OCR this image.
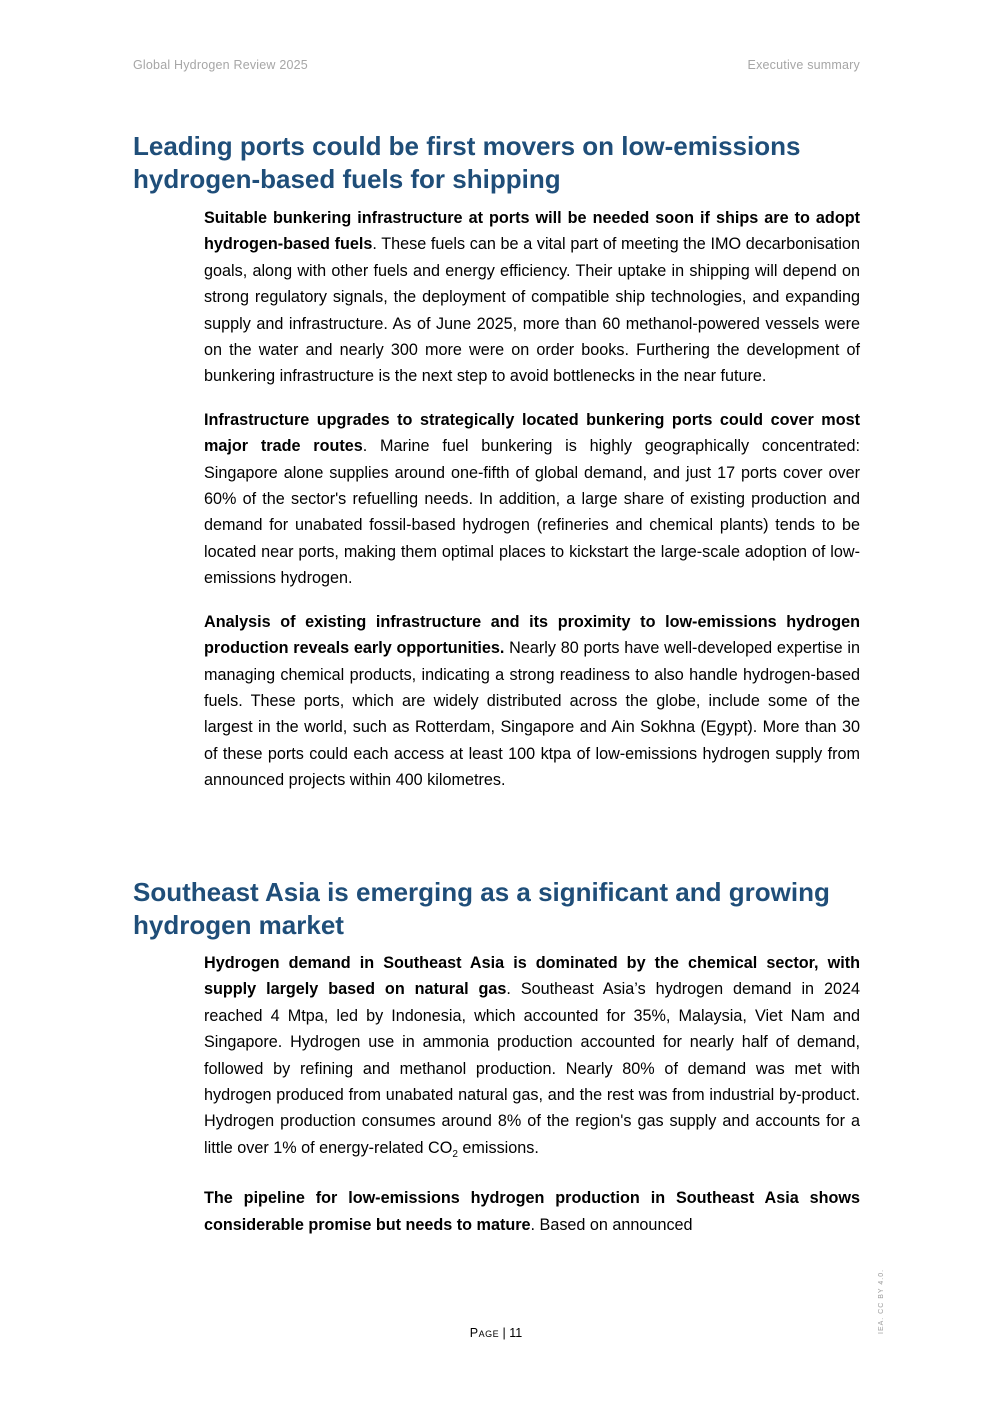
Global Hydrogen Review 2025	Executive summary
Leading ports could be first movers on low-emissions hydrogen-based fuels for shipping

Suitable bunkering infrastructure at ports will be needed soon if ships are to adopt hydrogen-based fuels. These fuels can be a vital part of meeting the IMO decarbonisation goals, along with other fuels and energy efficiency. Their uptake in shipping will depend on strong regulatory signals, the deployment of compatible ship technologies, and expanding supply and infrastructure. As of June 2025, more than 60 methanol-powered vessels were on the water and nearly 300 more were on order books. Furthering the development of bunkering infrastructure is the next step to avoid bottlenecks in the near future.

Infrastructure upgrades to strategically located bunkering ports could cover most major trade routes. Marine fuel bunkering is highly geographically concentrated: Singapore alone supplies around one-fifth of global demand, and just 17 ports cover over 60% of the sector's refuelling needs. In addition, a large share of existing production and demand for unabated fossil-based hydrogen (refineries and chemical plants) tends to be located near ports, making them optimal places to kickstart the large-scale adoption of low-emissions hydrogen.

Analysis of existing infrastructure and its proximity to low-emissions hydrogen production reveals early opportunities. Nearly 80 ports have well-developed expertise in managing chemical products, indicating a strong readiness to also handle hydrogen-based fuels. These ports, which are widely distributed across the globe, include some of the largest in the world, such as Rotterdam, Singapore and Ain Sokhna (Egypt). More than 30 of these ports could each access at least 100 ktpa of low-emissions hydrogen supply from announced projects within 400 kilometres.

Southeast Asia is emerging as a significant and growing hydrogen market

Hydrogen demand in Southeast Asia is dominated by the chemical sector, with supply largely based on natural gas. Southeast Asia’s hydrogen demand in 2024 reached 4 Mtpa, led by Indonesia, which accounted for 35%, Malaysia, Viet Nam and Singapore. Hydrogen use in ammonia production accounted for nearly half of demand, followed by refining and methanol production. Nearly 80% of demand was met with hydrogen produced from unabated natural gas, and the rest was from industrial by-product. Hydrogen production consumes around 8% of the region's gas supply and accounts for a little over 1% of energy-related $CO_2$ emissions.

The pipeline for low-emissions hydrogen production in Southeast Asia shows considerable promise but needs to mature. Based on announced

Page | 11	IEA. CC BY 4.0.
